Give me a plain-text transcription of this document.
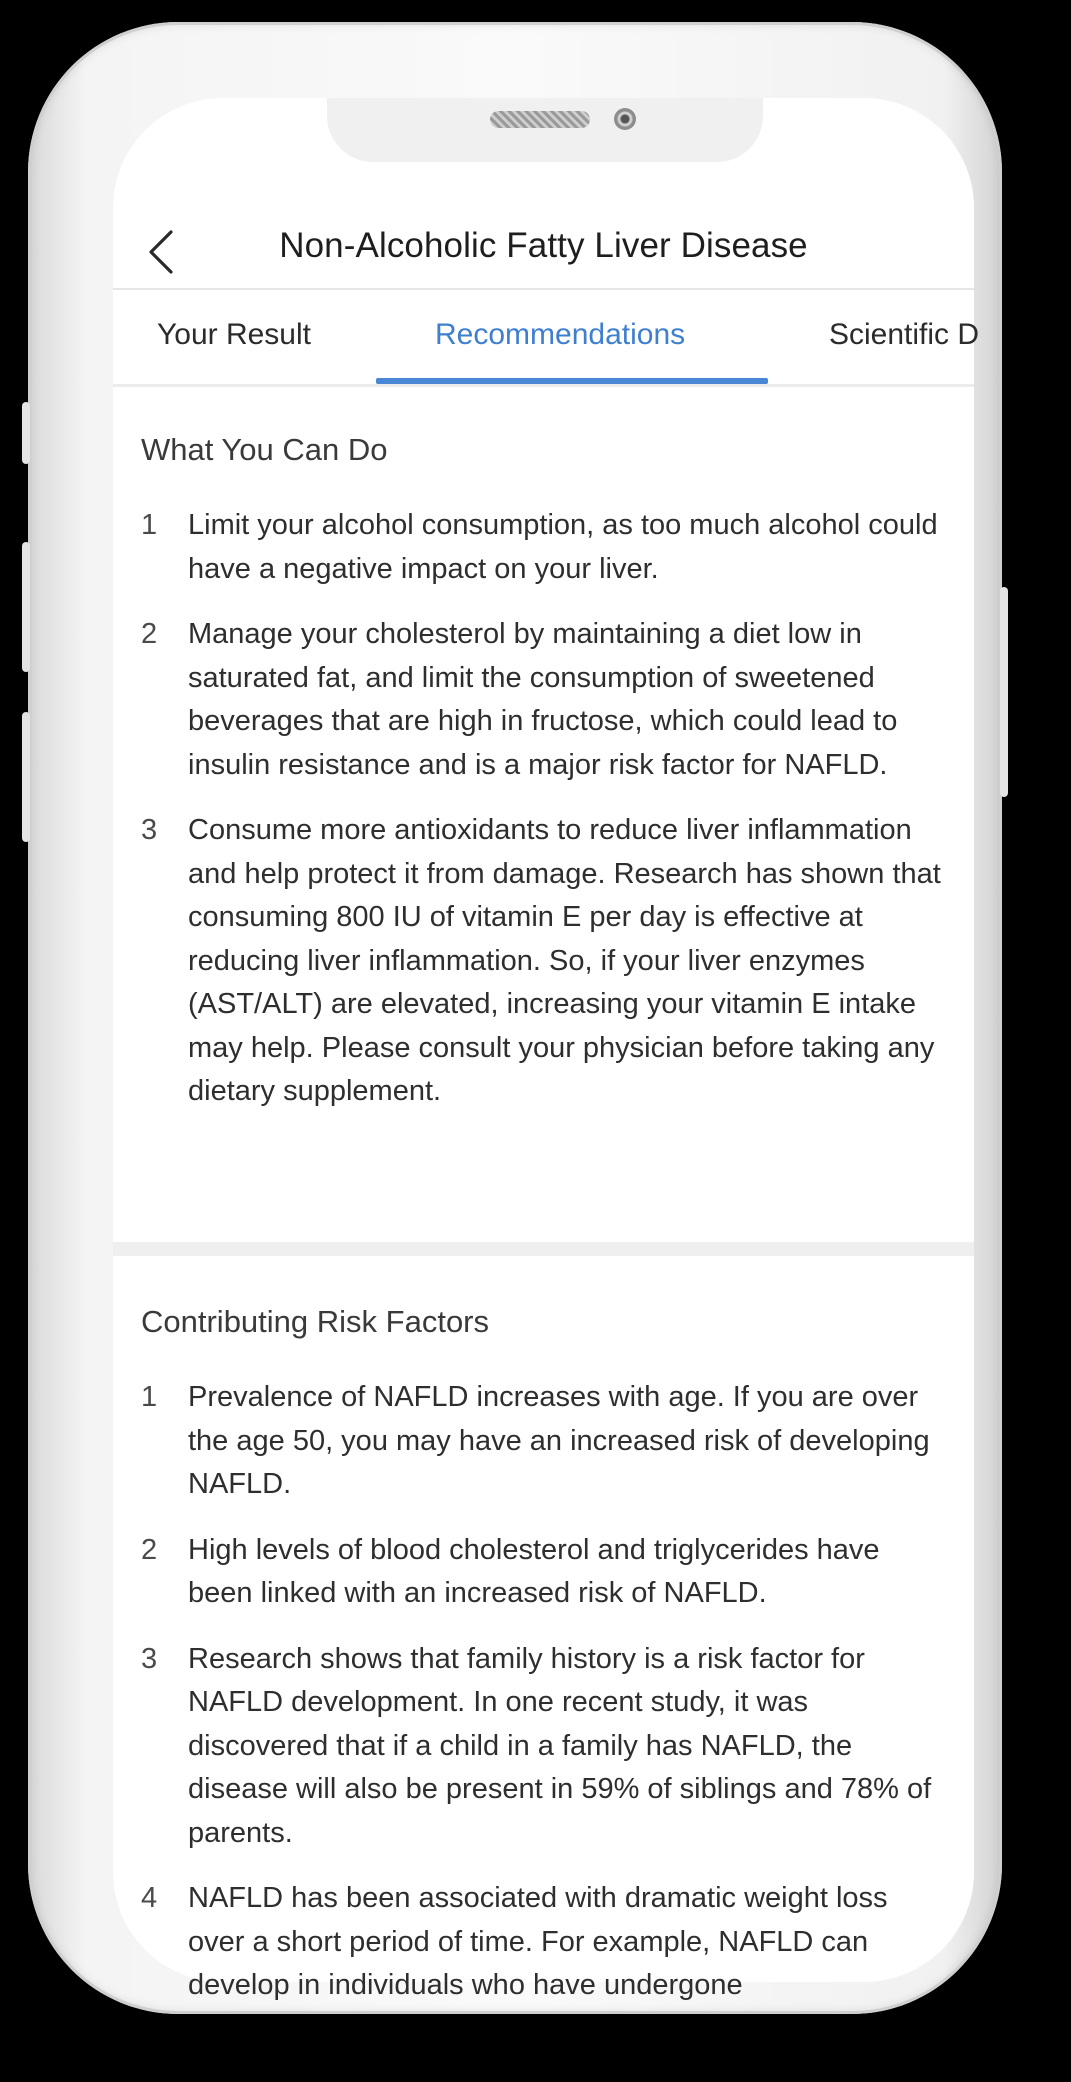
Non-Alcoholic Fatty Liver Disease
Your Result	Recommendations	Scientific D
What You Can Do
1 Limit your alcohol consumption, as too much alcohol could have a negative impact on your liver.
2 Manage your cholesterol by maintaining a diet low in saturated fat, and limit the consumption of sweetened beverages that are high in fructose, which could lead to insulin resistance and is a major risk factor for NAFLD.
3 Consume more antioxidants to reduce liver inflammation and help protect it from damage. Research has shown that consuming 800 IU of vitamin E per day is effective at reducing liver inflammation. So, if your liver enzymes (AST/ALT) are elevated, increasing your vitamin E intake may help. Please consult your physician before taking any dietary supplement.
Contributing Risk Factors
1 Prevalence of NAFLD increases with age. If you are over the age 50, you may have an increased risk of developing NAFLD.
2 High levels of blood cholesterol and triglycerides have been linked with an increased risk of NAFLD.
3 Research shows that family history is a risk factor for NAFLD development. In one recent study, it was discovered that if a child in a family has NAFLD, the disease will also be present in 59% of siblings and 78% of parents.
4 NAFLD has been associated with dramatic weight loss over a short period of time. For example, NAFLD can develop in individuals who have undergone
